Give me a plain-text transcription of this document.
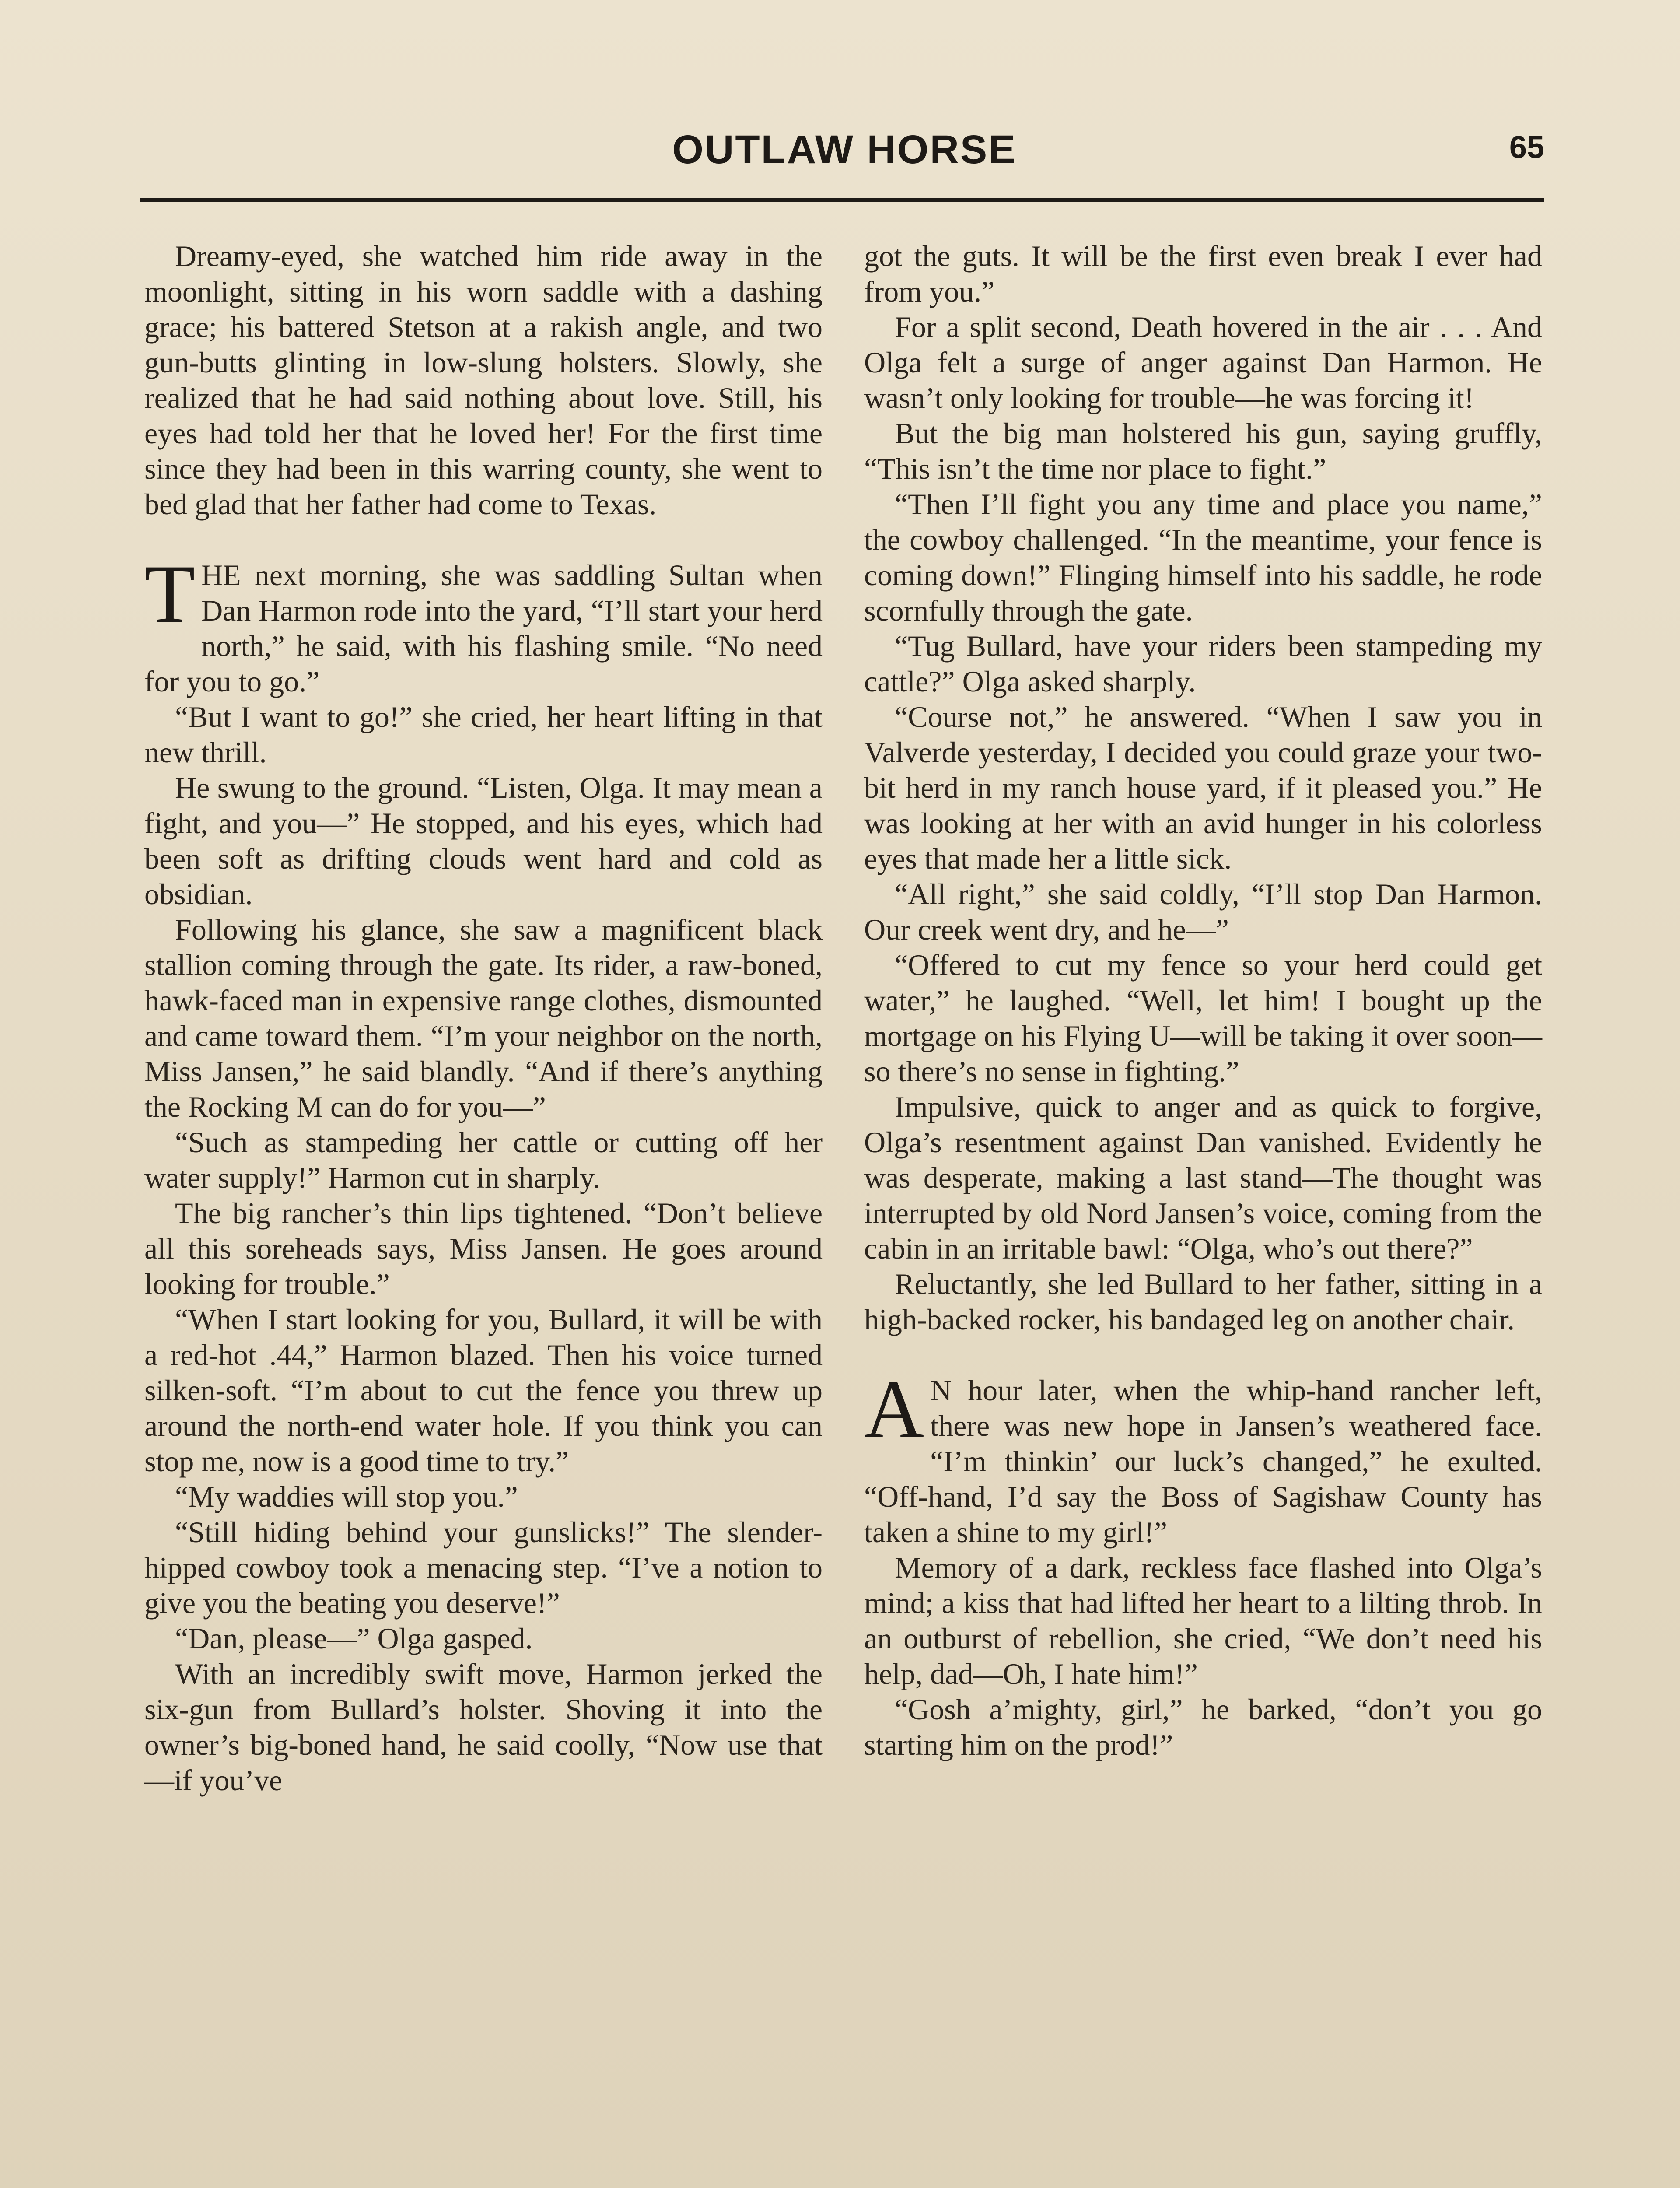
OUTLAW HORSE	65

Dreamy-eyed, she watched him ride away in the moonlight, sitting in his worn saddle with a dashing grace; his battered Stetson at a rakish angle, and two gun-butts glinting in low-slung holsters. Slowly, she realized that he had said nothing about love. Still, his eyes had told her that he loved her! For the first time since they had been in this warring county, she went to bed glad that her father had come to Texas.

THE next morning, she was saddling Sultan when Dan Harmon rode into the yard, “I’ll start your herd north,” he said, with his flashing smile. “No need for you to go.”

“But I want to go!” she cried, her heart lifting in that new thrill.

He swung to the ground. “Listen, Olga. It may mean a fight, and you—” He stopped, and his eyes, which had been soft as drifting clouds went hard and cold as obsidian.

Following his glance, she saw a magnificent black stallion coming through the gate. Its rider, a raw-boned, hawk-faced man in expensive range clothes, dismounted and came toward them. “I’m your neighbor on the north, Miss Jansen,” he said blandly. “And if there’s anything the Rocking M can do for you—”

“Such as stampeding her cattle or cutting off her water supply!” Harmon cut in sharply.

The big rancher’s thin lips tightened. “Don’t believe all this soreheads says, Miss Jansen. He goes around looking for trouble.”

“When I start looking for you, Bullard, it will be with a red-hot .44,” Harmon blazed. Then his voice turned silken-soft. “I’m about to cut the fence you threw up around the north-end water hole. If you think you can stop me, now is a good time to try.”

“My waddies will stop you.”

“Still hiding behind your gunslicks!” The slender-hipped cowboy took a menacing step. “I’ve a notion to give you the beating you deserve!”

“Dan, please—” Olga gasped.

With an incredibly swift move, Harmon jerked the six-gun from Bullard’s holster. Shoving it into the owner’s big-boned hand, he said coolly, “Now use that—if you’ve

got the guts. It will be the first even break I ever had from you.”

For a split second, Death hovered in the air . . . And Olga felt a surge of anger against Dan Harmon. He wasn’t only looking for trouble—he was forcing it!

But the big man holstered his gun, saying gruffly, “This isn’t the time nor place to fight.”

“Then I’ll fight you any time and place you name,” the cowboy challenged. “In the meantime, your fence is coming down!” Flinging himself into his saddle, he rode scornfully through the gate.

“Tug Bullard, have your riders been stampeding my cattle?” Olga asked sharply.

“Course not,” he answered. “When I saw you in Valverde yesterday, I decided you could graze your two-bit herd in my ranch house yard, if it pleased you.” He was looking at her with an avid hunger in his colorless eyes that made her a little sick.

“All right,” she said coldly, “I’ll stop Dan Harmon. Our creek went dry, and he—”

“Offered to cut my fence so your herd could get water,” he laughed. “Well, let him! I bought up the mortgage on his Flying U—will be taking it over soon—so there’s no sense in fighting.”

Impulsive, quick to anger and as quick to forgive, Olga’s resentment against Dan vanished. Evidently he was desperate, making a last stand—The thought was interrupted by old Nord Jansen’s voice, coming from the cabin in an irritable bawl: “Olga, who’s out there?”

Reluctantly, she led Bullard to her father, sitting in a high-backed rocker, his bandaged leg on another chair.

A N hour later, when the whip-hand rancher left, there was new hope in Jansen’s weathered face. “I’m thinkin’ our luck’s changed,” he exulted. “Off-hand, I’d say the Boss of Sagishaw County has taken a shine to my girl!”

Memory of a dark, reckless face flashed into Olga’s mind; a kiss that had lifted her heart to a lilting throb. In an outburst of rebellion, she cried, “We don’t need his help, dad—Oh, I hate him!”

“Gosh a’mighty, girl,” he barked, “don’t you go starting him on the prod!”
